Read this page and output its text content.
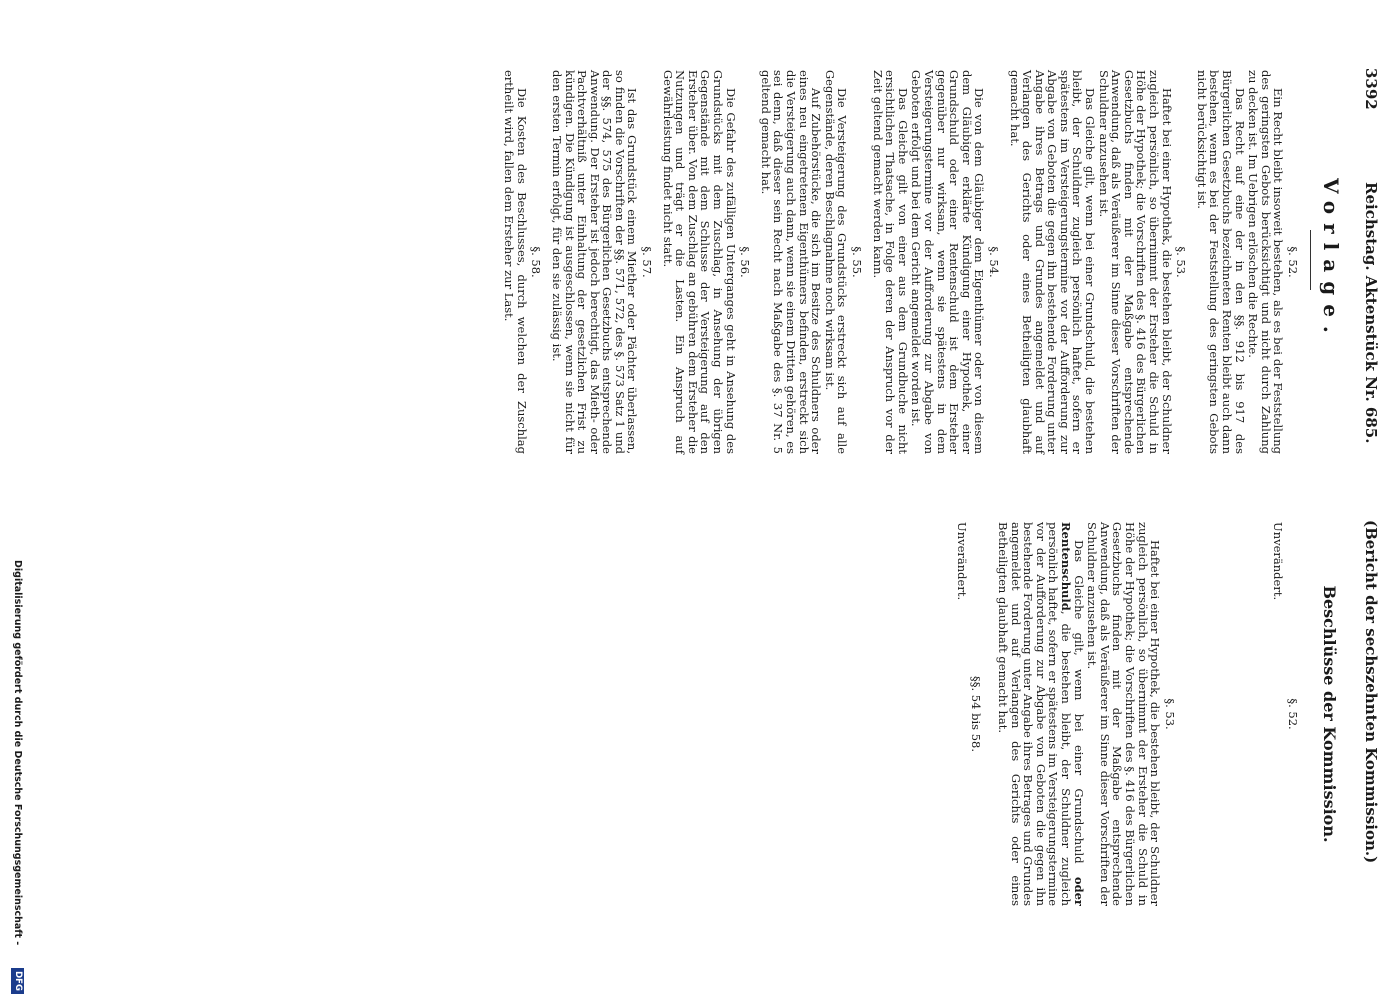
3392
Reichstag. Aktenstück Nr. 685.
(Bericht der sechszehnten Kommission.)
Vorlage.
§. 52.
Ein Recht bleibt insoweit bestehen, als es bei der Feststellung des geringsten Gebots berücksichtigt und nicht durch Zahlung zu decken ist. Im Uebrigen erlöschen die Rechte.
Das Recht auf eine der in den §§. 912 bis 917 des Bürgerlichen Gesetzbuchs bezeichneten Renten bleibt auch dann bestehen, wenn es bei der Feststellung des geringsten Gebots nicht berücksichtigt ist.
§. 53.
Haftet bei einer Hypothek, die bestehen bleibt, der Schuldner zugleich persönlich, so übernimmt der Ersteher die Schuld in Höhe der Hypothek; die Vorschriften des §. 416 des Bürgerlichen Gesetzbuchs finden mit der Maßgabe entsprechende Anwendung, daß als Veräußerer im Sinne dieser Vorschriften der Schuldner anzusehen ist.
Das Gleiche gilt, wenn bei einer Grundschuld, die bestehen bleibt, der Schuldner zugleich persönlich haftet, sofern er spätestens im Versteigerungstermine vor der Aufforderung zur Abgabe von Geboten die gegen ihn bestehende Forderung unter Angabe ihres Betrags und Grundes angemeldet und auf Verlangen des Gerichts oder eines Betheiligten glaubhaft gemacht hat.
§. 54.
Die von dem Gläubiger dem Eigenthümer oder von diesem dem Gläubiger erklärte Kündigung einer Hypothek, einer Grundschuld oder einer Rentenschuld ist dem Ersteher gegenüber nur wirksam, wenn sie spätestens in dem Versteigerungstermine vor der Aufforderung zur Abgabe von Geboten erfolgt und bei dem Gericht angemeldet worden ist.
Das Gleiche gilt von einer aus dem Grundbuche nicht ersichtlichen Thatsache, in Folge deren der Anspruch vor der Zeit geltend gemacht werden kann.
§. 55.
Die Versteigerung des Grundstücks erstreckt sich auf alle Gegenstände, deren Beschlagnahme noch wirksam ist.
Auf Zubehörstücke, die sich im Besitze des Schuldners oder eines neu eingetretenen Eigenthümers befinden, erstreckt sich die Versteigerung auch dann, wenn sie einem Dritten gehören, es sei denn, daß dieser sein Recht nach Maßgabe des §. 37 Nr. 5 geltend gemacht hat.
§. 56.
Die Gefahr des zufälligen Unterganges geht in Ansehung des Grundstücks mit dem Zuschlag, in Ansehung der übrigen Gegenstände mit dem Schlusse der Versteigerung auf den Ersteher über. Von dem Zuschlag an gebühren dem Ersteher die Nutzungen und trägt er die Lasten. Ein Anspruch auf Gewährleistung findet nicht statt.
§. 57.
Ist das Grundstück einem Miether oder Pächter überlassen, so finden die Vorschriften der §§. 571, 572, des §. 573 Satz 1 und der §§. 574, 575 des Bürgerlichen Gesetzbuchs entsprechende Anwendung. Der Ersteher ist jedoch berechtigt, das Mieth- oder Pachtverhältniß unter Einhaltung der gesetzlichen Frist zu kündigen. Die Kündigung ist ausgeschlossen, wenn sie nicht für den ersten Termin erfolgt, für den sie zulässig ist.
§. 58.
Die Kosten des Beschlusses, durch welchen der Zuschlag ertheilt wird, fallen dem Ersteher zur Last.
Beschlüsse der Kommission.
§. 52.
Unverändert.
§. 53.
Haftet bei einer Hypothek, die bestehen bleibt, der Schuldner zugleich persönlich, so übernimmt der Ersteher die Schuld in Höhe der Hypothek; die Vorschriften des §. 416 des Bürgerlichen Gesetzbuchs finden mit der Maßgabe entsprechende Anwendung, daß als Veräußerer im Sinne dieser Vorschriften der Schuldner anzusehen ist.
Das Gleiche gilt, wenn bei einer Grundschuld oder Rentenschuld, die bestehen bleibt, der Schuldner zugleich persönlich haftet, sofern er spätestens im Versteigerungstermine vor der Aufforderung zur Abgabe von Geboten die gegen ihn bestehende Forderung unter Angabe ihres Betrages und Grundes angemeldet und auf Verlangen des Gerichts oder eines Betheiligten glaubhaft gemacht hat.
§§. 54 bis 58.
Unverändert.
Digitalisierung gefördert durch die Deutsche Forschungsgemeinschaft -
DFG
